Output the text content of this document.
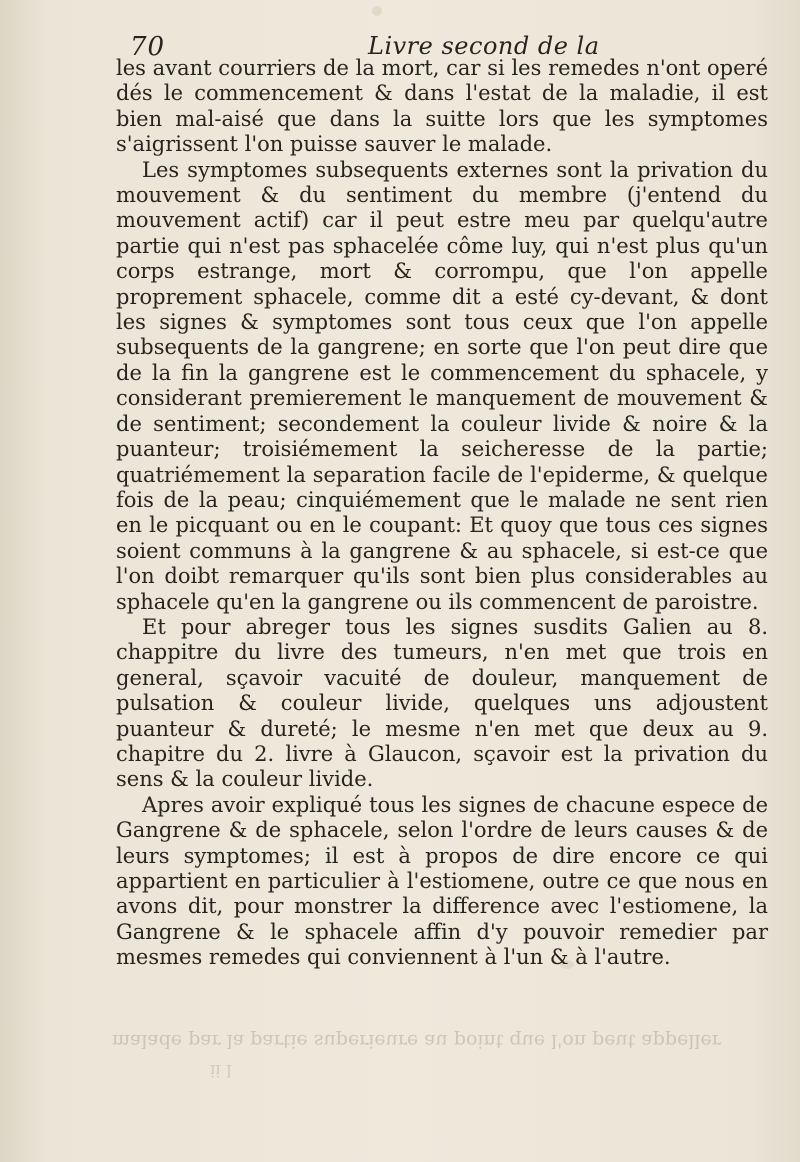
70	Livre second de la

les avant courriers de la mort, car si les remedes n'ont operé dés le commencement & dans l'estat de la maladie, il est bien mal-aisé que dans la suitte lors que les symptomes s'aigrissent l'on puisse sauver le malade.

Les symptomes subsequents externes sont la privation du mouvement & du sentiment du membre (j'entend du mouvement actif) car il peut estre meu par quelqu'autre partie qui n'est pas sphacelée côme luy, qui n'est plus qu'un corps estrange, mort & corrompu, que l'on appelle proprement sphacele, comme dit a esté cy-devant, & dont les signes & symptomes sont tous ceux que l'on appelle subsequents de la gangrene; en sorte que l'on peut dire que de la fin la gangrene est le commencement du sphacele, y considerant premierement le manquement de mouvement & de sentiment; secondement la couleur livide & noire & la puanteur; troisiémement la seicheresse de la partie; quatriémement la separation facile de l'epiderme, & quelque fois de la peau; cinquiémement que le malade ne sent rien en le picquant ou en le coupant: Et quoy que tous ces signes soient communs à la gangrene & au sphacele, si est-ce que l'on doibt remarquer qu'ils sont bien plus considerables au sphacele qu'en la gangrene ou ils commencent de paroistre.

Et pour abreger tous les signes susdits Galien au 8. chappitre du livre des tumeurs, n'en met que trois en general, sçavoir vacuité de douleur, manquement de pulsation & couleur livide, quelques uns adjoustent puanteur & dureté; le mesme n'en met que deux au 9. chapitre du 2. livre à Glaucon, sçavoir est la privation du sens & la couleur livide.

Apres avoir expliqué tous les signes de chacune espece de Gangrene & de sphacele, selon l'ordre de leurs causes & de leurs symptomes; il est à propos de dire encore ce qui appartient en particulier à l'estiomene, outre ce que nous en avons dit, pour monstrer la difference avec l'estiomene, la Gangrene & le sphacele affin d'y pouvoir remedier par mesmes remedes qui conviennent à l'un & à l'autre.

malade par la partie superieure au point que l'on peut appeller
ii l
